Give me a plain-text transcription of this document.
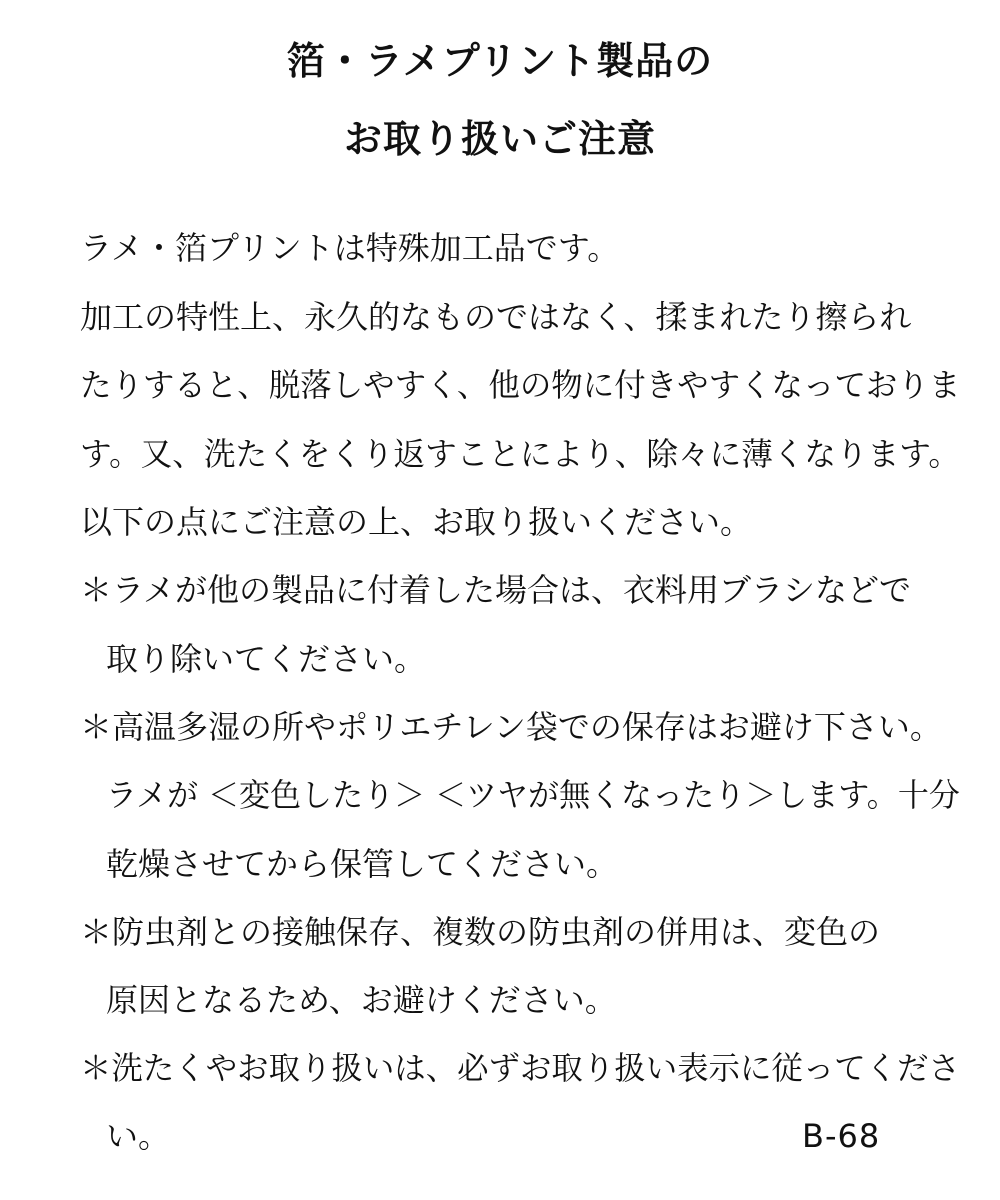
箔・ラメプリント製品の
お取り扱いご注意
ラメ・箔プリントは特殊加工品です。
加工の特性上、永久的なものではなく、揉まれたり擦られ
たりすると、脱落しやすく、他の物に付きやすくなっておりま
す。又、洗たくをくり返すことにより、除々に薄くなります。
以下の点にご注意の上、お取り扱いください。
＊ラメが他の製品に付着した場合は、衣料用ブラシなどで
取り除いてください。
＊高温多湿の所やポリエチレン袋での保存はお避け下さい。
ラメが ＜変色したり＞ ＜ツヤが無くなったり＞します。十分
乾燥させてから保管してください。
＊防虫剤との接触保存、複数の防虫剤の併用は、変色の
原因となるため、お避けください。
＊洗たくやお取り扱いは、必ずお取り扱い表示に従ってくださ
い。	B-68
